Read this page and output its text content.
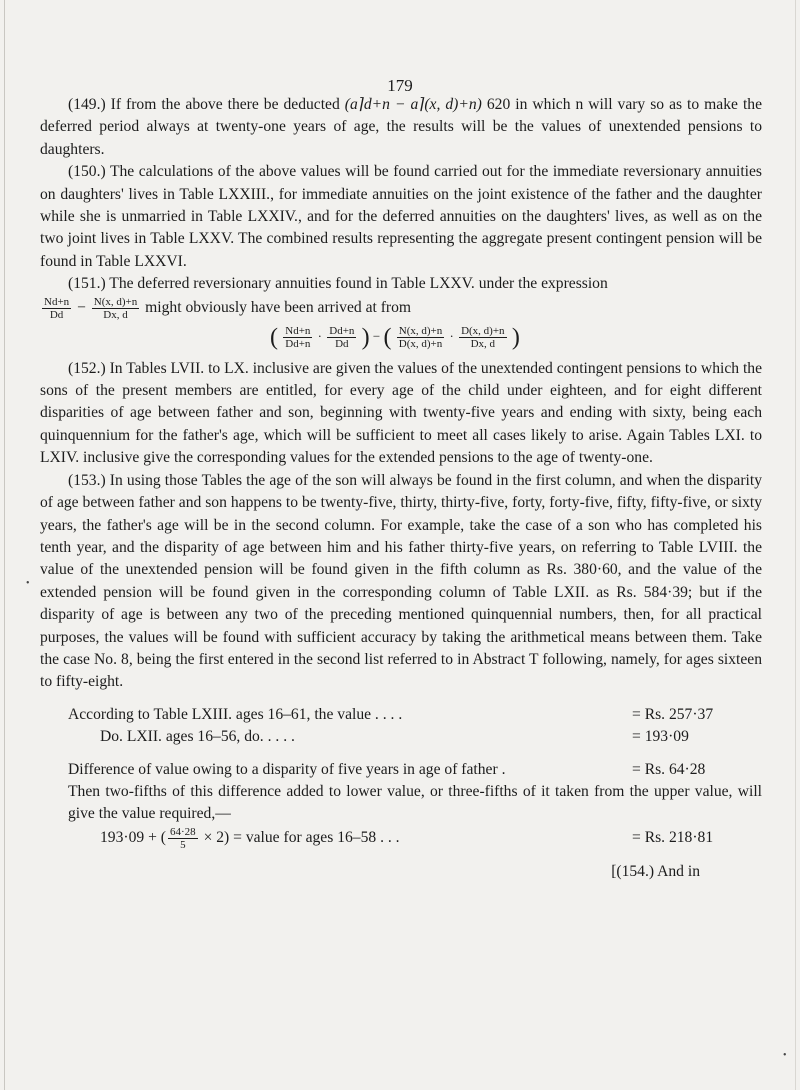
•
•
179

(149.) If from the above there be deducted (a⌉d+n − a⌉(x, d)+n) 620 in which n will vary so as to make the deferred period always at twenty-one years of age, the results will be the values of unextended pensions to daughters.

(150.) The calculations of the above values will be found carried out for the immediate reversionary annuities on daughters' lives in Table LXXIII., for immediate annuities on the joint existence of the father and the daughter while she is unmarried in Table LXXIV., and for the deferred annuities on the daughters' lives, as well as on the two joint lives in Table LXXV. The combined results representing the aggregate present contingent pension will be found in Table LXXVI.

(151.) The deferred reversionary annuities found in Table LXXV. under the expression

$\frac{Nd+n}{Dd} - \frac{N(x, d)+n}{Dx, d}$ might obviously have been arrived at from

( $\frac{Nd+n}{Dd+n} \cdot \frac{Dd+n}{Dd}$ ) − ( $\frac{N(x, d)+n}{D(x, d)+n} \cdot \frac{D(x, d)+n}{Dx, d}$ )

(152.) In Tables LVII. to LX. inclusive are given the values of the unextended contingent pensions to which the sons of the present members are entitled, for every age of the child under eighteen, and for eight different disparities of age between father and son, beginning with twenty-five years and ending with sixty, being each quinquennium for the father's age, which will be sufficient to meet all cases likely to arise. Again Tables LXI. to LXIV. inclusive give the corresponding values for the extended pensions to the age of twenty-one.

(153.) In using those Tables the age of the son will always be found in the first column, and when the disparity of age between father and son happens to be twenty-five, thirty, thirty-five, forty, forty-five, fifty, fifty-five, or sixty years, the father's age will be in the second column. For example, take the case of a son who has completed his tenth year, and the disparity of age between him and his father thirty-five years, on referring to Table LVIII. the value of the unextended pension will be found given in the fifth column as Rs. 380·60, and the value of the extended pension will be found given in the corresponding column of Table LXII. as Rs. 584·39; but if the disparity of age is between any two of the preceding mentioned quinquennial numbers, then, for all practical purposes, the values will be found with sufficient accuracy by taking the arithmetical means between them. Take the case No. 8, being the first entered in the second list referred to in Abstract T following, namely, for ages sixteen to fifty-eight.

According to Table LXIII. ages 16–61, the value . . . .	= Rs. 257·37
Do. LXII. ages 16–56, do. . . . .	= 193·09
Difference of value owing to a disparity of five years in age of father .	= Rs. 64·28

Then two-fifths of this difference added to lower value, or three-fifths of it taken from the upper value, will give the value required,—

193·09 + ( $\frac{64\cdot 28}{5} \times 2$) = value for ages 16–58 . . .	= Rs. 218·81
[(154.) And in
